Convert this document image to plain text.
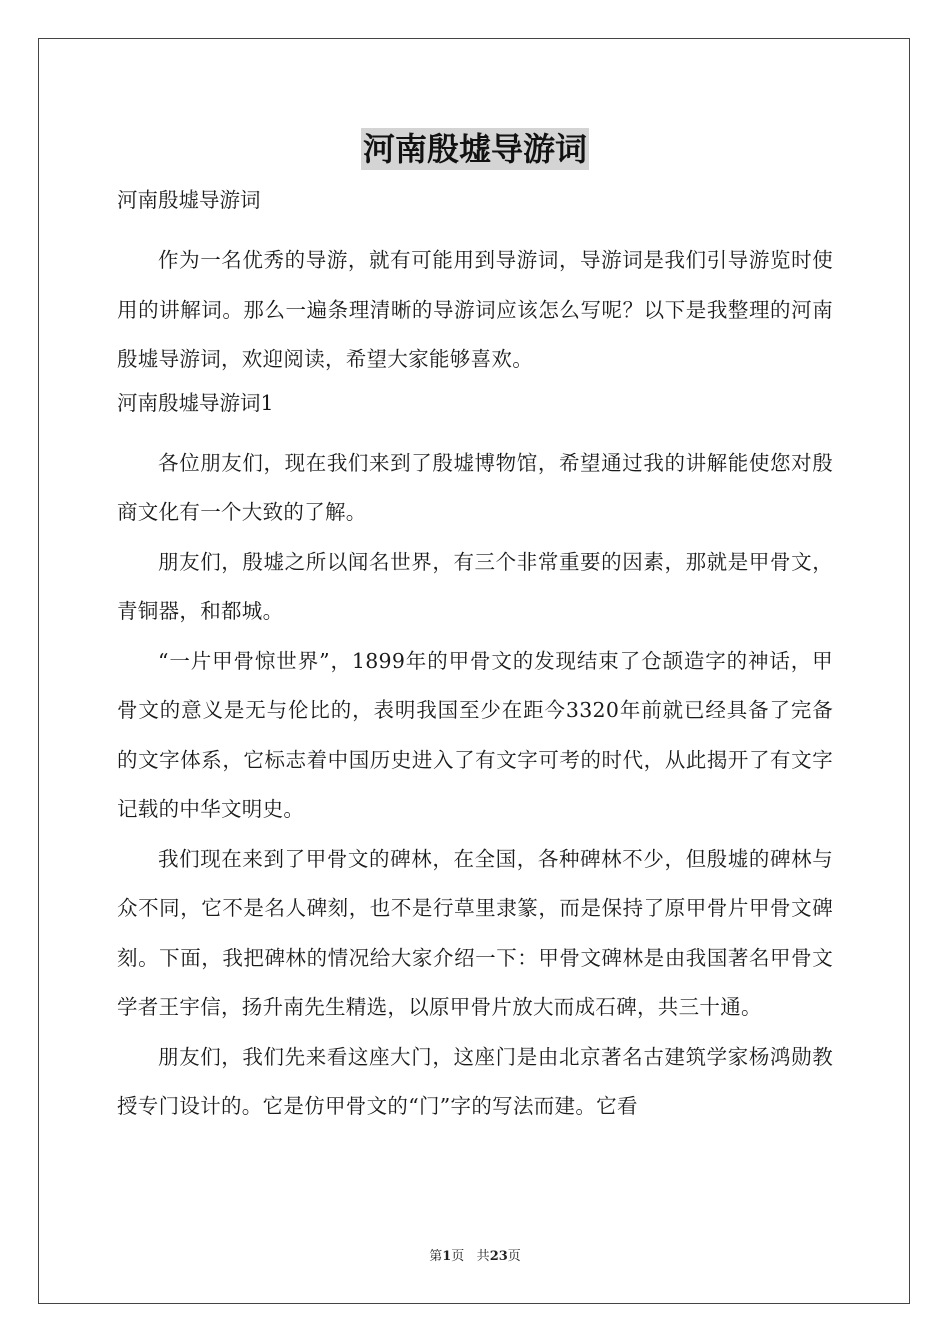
河南殷墟导游词
河南殷墟导游词

作为一名优秀的导游，就有可能用到导游词，导游词是我们引导游览时使用的讲解词。那么一遍条理清晰的导游词应该怎么写呢？以下是我整理的河南殷墟导游词，欢迎阅读，希望大家能够喜欢。

河南殷墟导游词1

各位朋友们，现在我们来到了殷墟博物馆，希望通过我的讲解能使您对殷商文化有一个大致的了解。

朋友们，殷墟之所以闻名世界，有三个非常重要的因素，那就是甲骨文，青铜器，和都城。

“一片甲骨惊世界”，1899年的甲骨文的发现结束了仓颉造字的神话，甲骨文的意义是无与伦比的，表明我国至少在距今3320年前就已经具备了完备的文字体系，它标志着中国历史进入了有文字可考的时代，从此揭开了有文字记载的中华文明史。

我们现在来到了甲骨文的碑林，在全国，各种碑林不少，但殷墟的碑林与众不同，它不是名人碑刻，也不是行草里隶篆，而是保持了原甲骨片甲骨文碑刻。下面，我把碑林的情况给大家介绍一下：甲骨文碑林是由我国著名甲骨文学者王宇信，扬升南先生精选，以原甲骨片放大而成石碑，共三十通。

朋友们，我们先来看这座大门，这座门是由北京著名古建筑学家杨鸿勋教授专门设计的。它是仿甲骨文的“门”字的写法而建。它看

第1页 共23页
